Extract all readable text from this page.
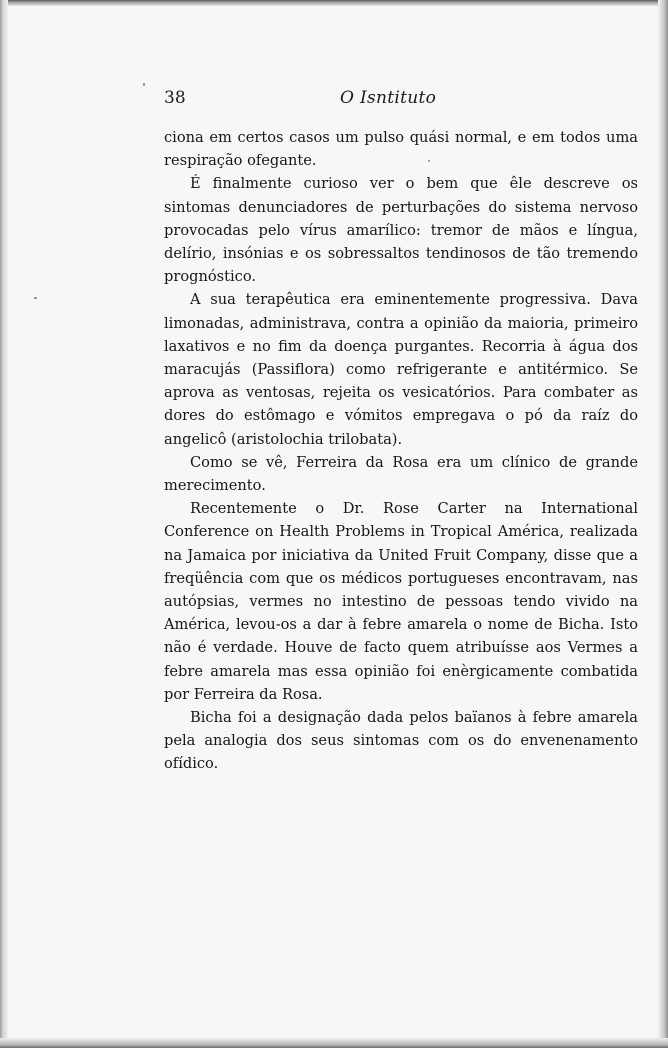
38	O Isntituto

ciona em certos casos um pulso quási normal, e em todos uma respiração ofegante.

É finalmente curioso ver o bem que êle descreve os sintomas denunciadores de perturbações do sistema nervoso provocadas pelo vírus amarílico: tremor de mãos e língua, delírio, insónias e os sobressaltos tendinosos de tão tremendo prognóstico.

A sua terapêutica era eminentemente progressiva. Dava limonadas, administrava, contra a opinião da maioria, primeiro laxativos e no fim da doença purgantes. Recorria à água dos maracujás (Passiflora) como refrigerante e antitérmico. Se aprova as ventosas, rejeita os vesicatórios. Para combater as dores do estômago e vómitos empregava o pó da raíz do angelicô (aristolochia trilobata).

Como se vê, Ferreira da Rosa era um clínico de grande merecimento.

Recentemente o Dr. Rose Carter na International Conference on Health Problems in Tropical América, realizada na Jamaica por iniciativa da United Fruit Company, disse que a freqüência com que os médicos portugueses encontravam, nas autópsias, vermes no intestino de pessoas tendo vivido na América, levou-os a dar à febre amarela o nome de Bicha. Isto não é verdade. Houve de facto quem atribuísse aos Vermes a febre amarela mas essa opinião foi enèrgicamente combatida por Ferreira da Rosa.

Bicha foi a designação dada pelos baïanos à febre amarela pela analogia dos seus sintomas com os do envenenamento ofídico.
